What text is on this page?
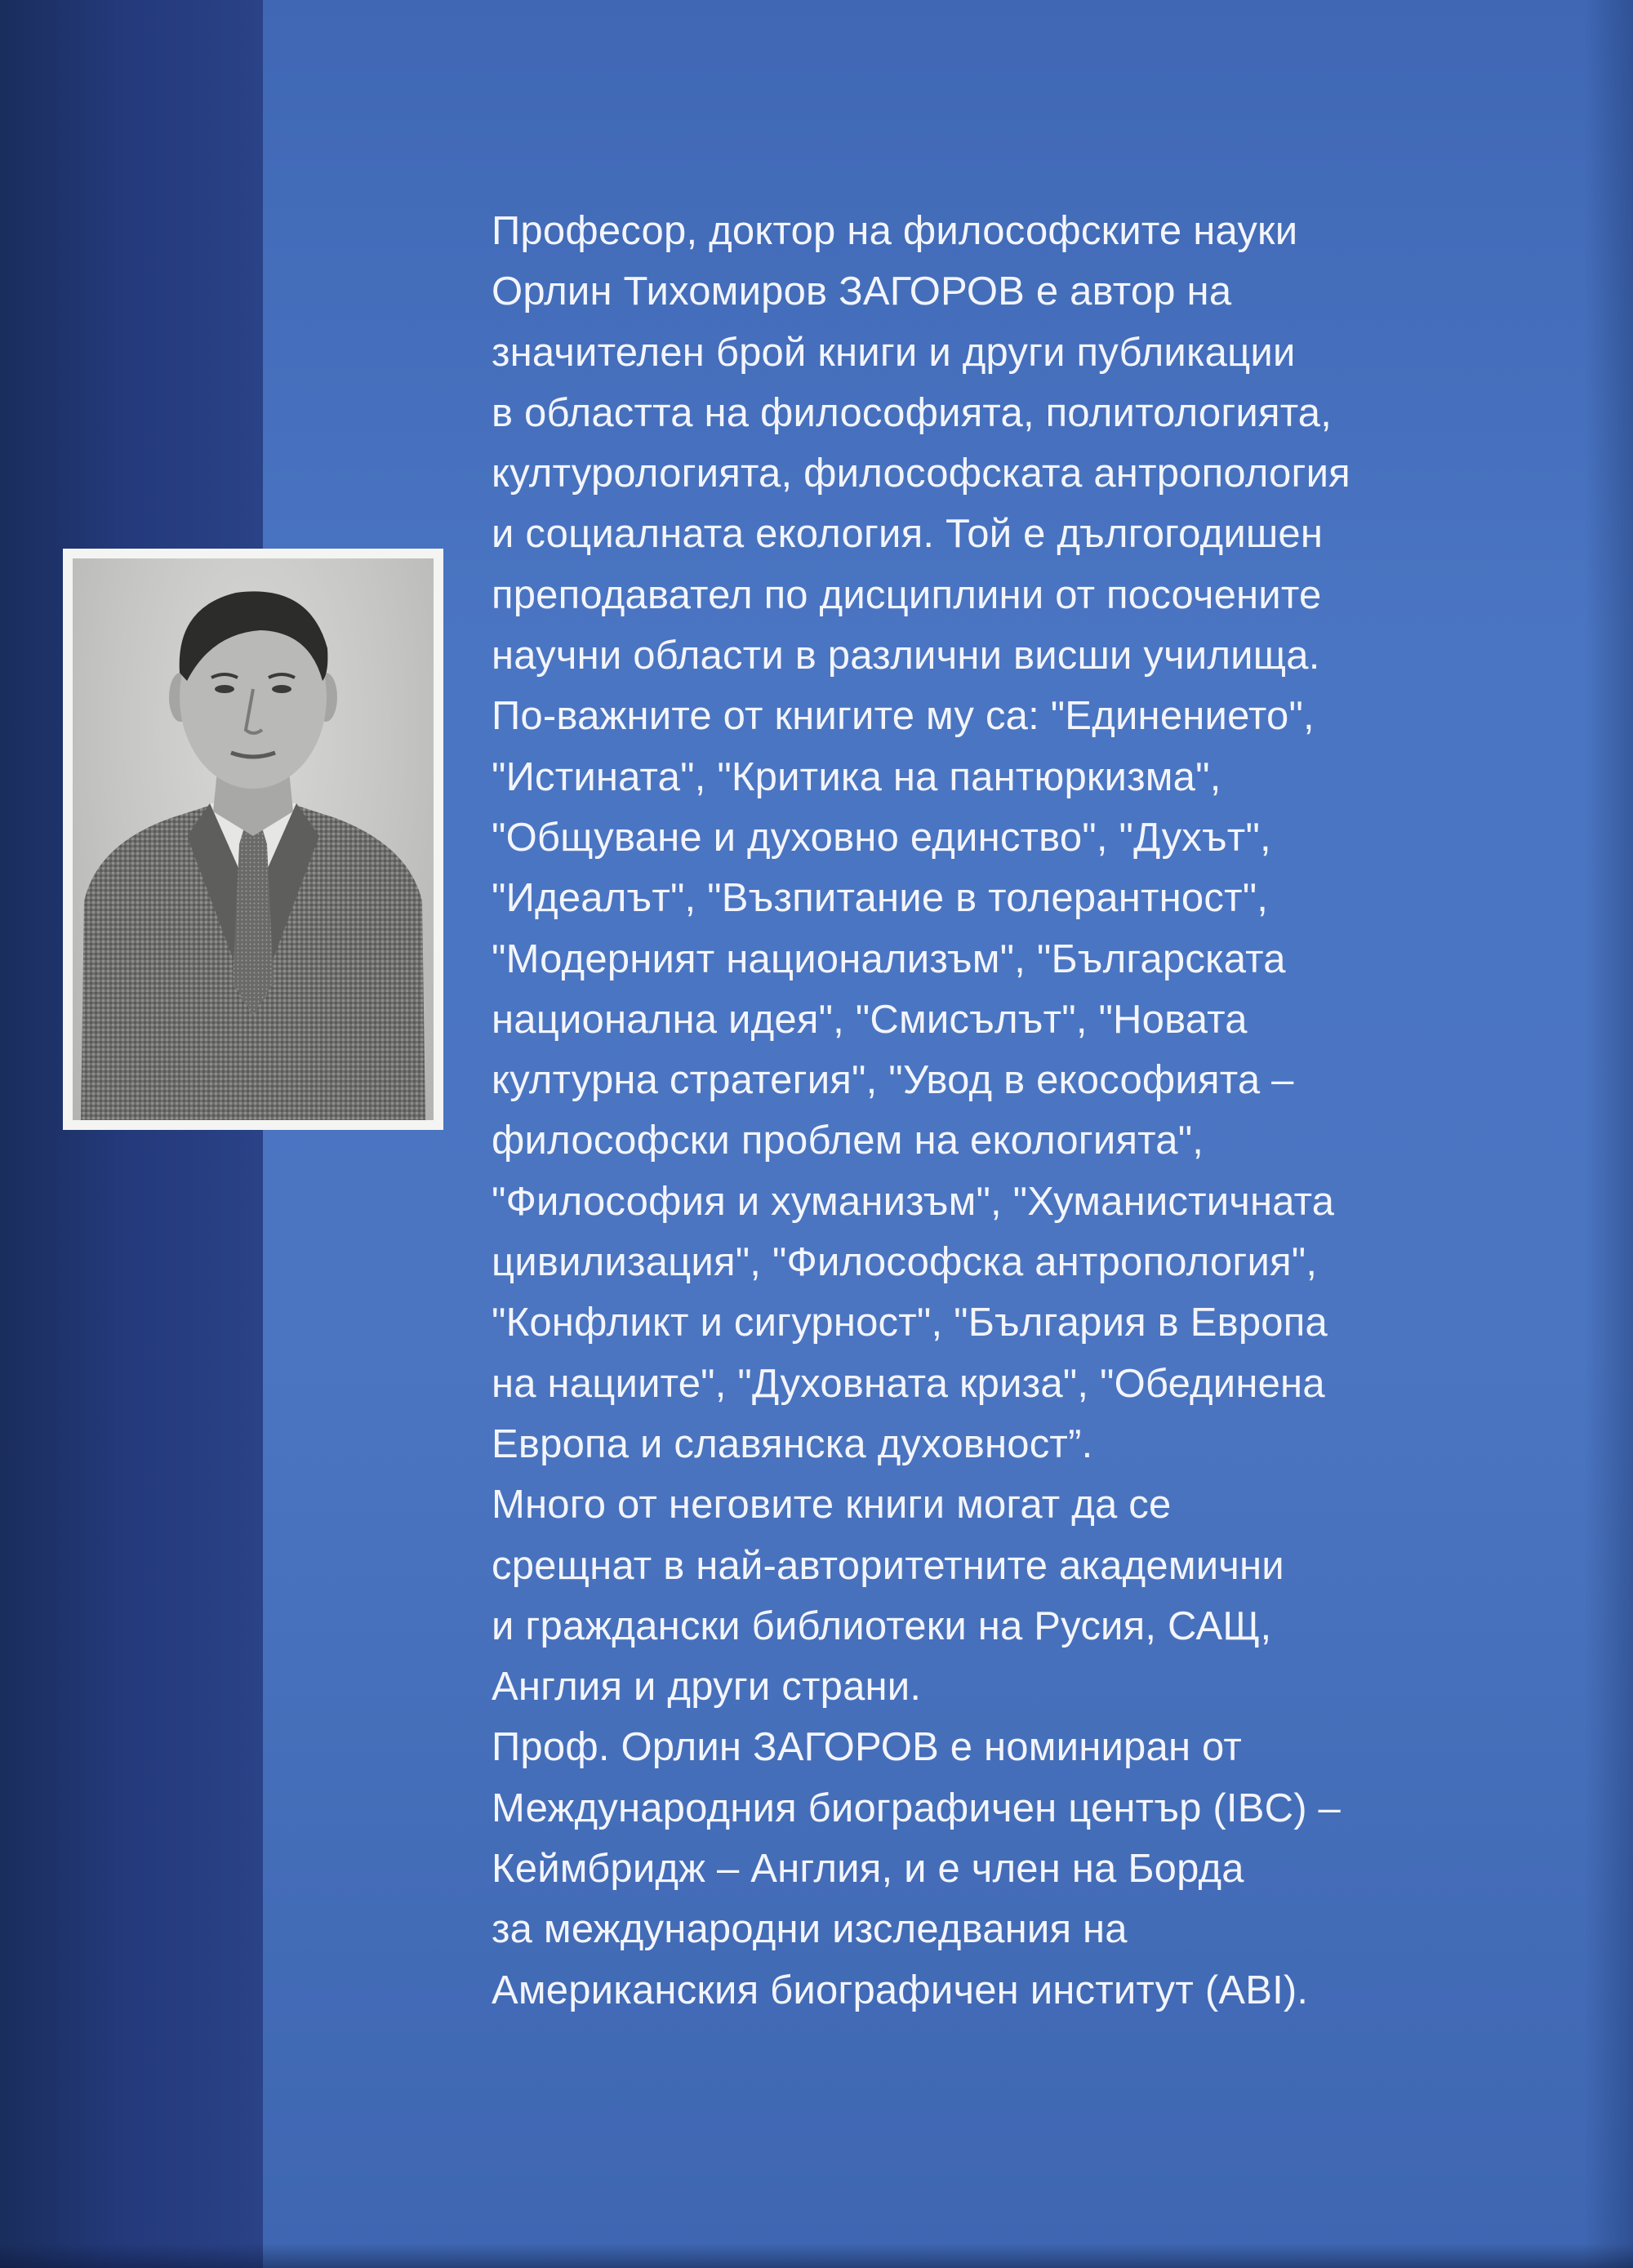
Професор, доктор на философските науки
Орлин Тихомиров ЗАГОРОВ е автор на
значителен брой книги и други публикации
в областта на философията, политологията,
културологията, философската антропология
и социалната екология. Той е дългогодишен
преподавател по дисциплини от посочените
научни области в различни висши училища.
По-важните от книгите му са: "Единението",
"Истината", "Критика на пантюркизма",
"Общуване и духовно единство", "Духът",
"Идеалът", "Възпитание в толерантност",
"Модерният национализъм", "Българската
национална идея", "Смисълът", "Новата
културна стратегия", "Увод в екософията –
философски проблем на екологията",
"Философия и хуманизъм", "Хуманистичната
цивилизация", "Философска антропология",
"Конфликт и сигурност", "България в Европа
на нациите", "Духовната криза", "Обединена
Европа и славянска духовност”.
Много от неговите книги могат да се
срещнат в най-авторитетните академични
и граждански библиотеки на Русия, САЩ,
Англия и други страни.
Проф. Орлин ЗАГОРОВ е номиниран от
Международния биографичен център (IBC) –
Кеймбридж – Англия, и е член на Борда
за международни изследвания на
Американския биографичен институт (ABI).
